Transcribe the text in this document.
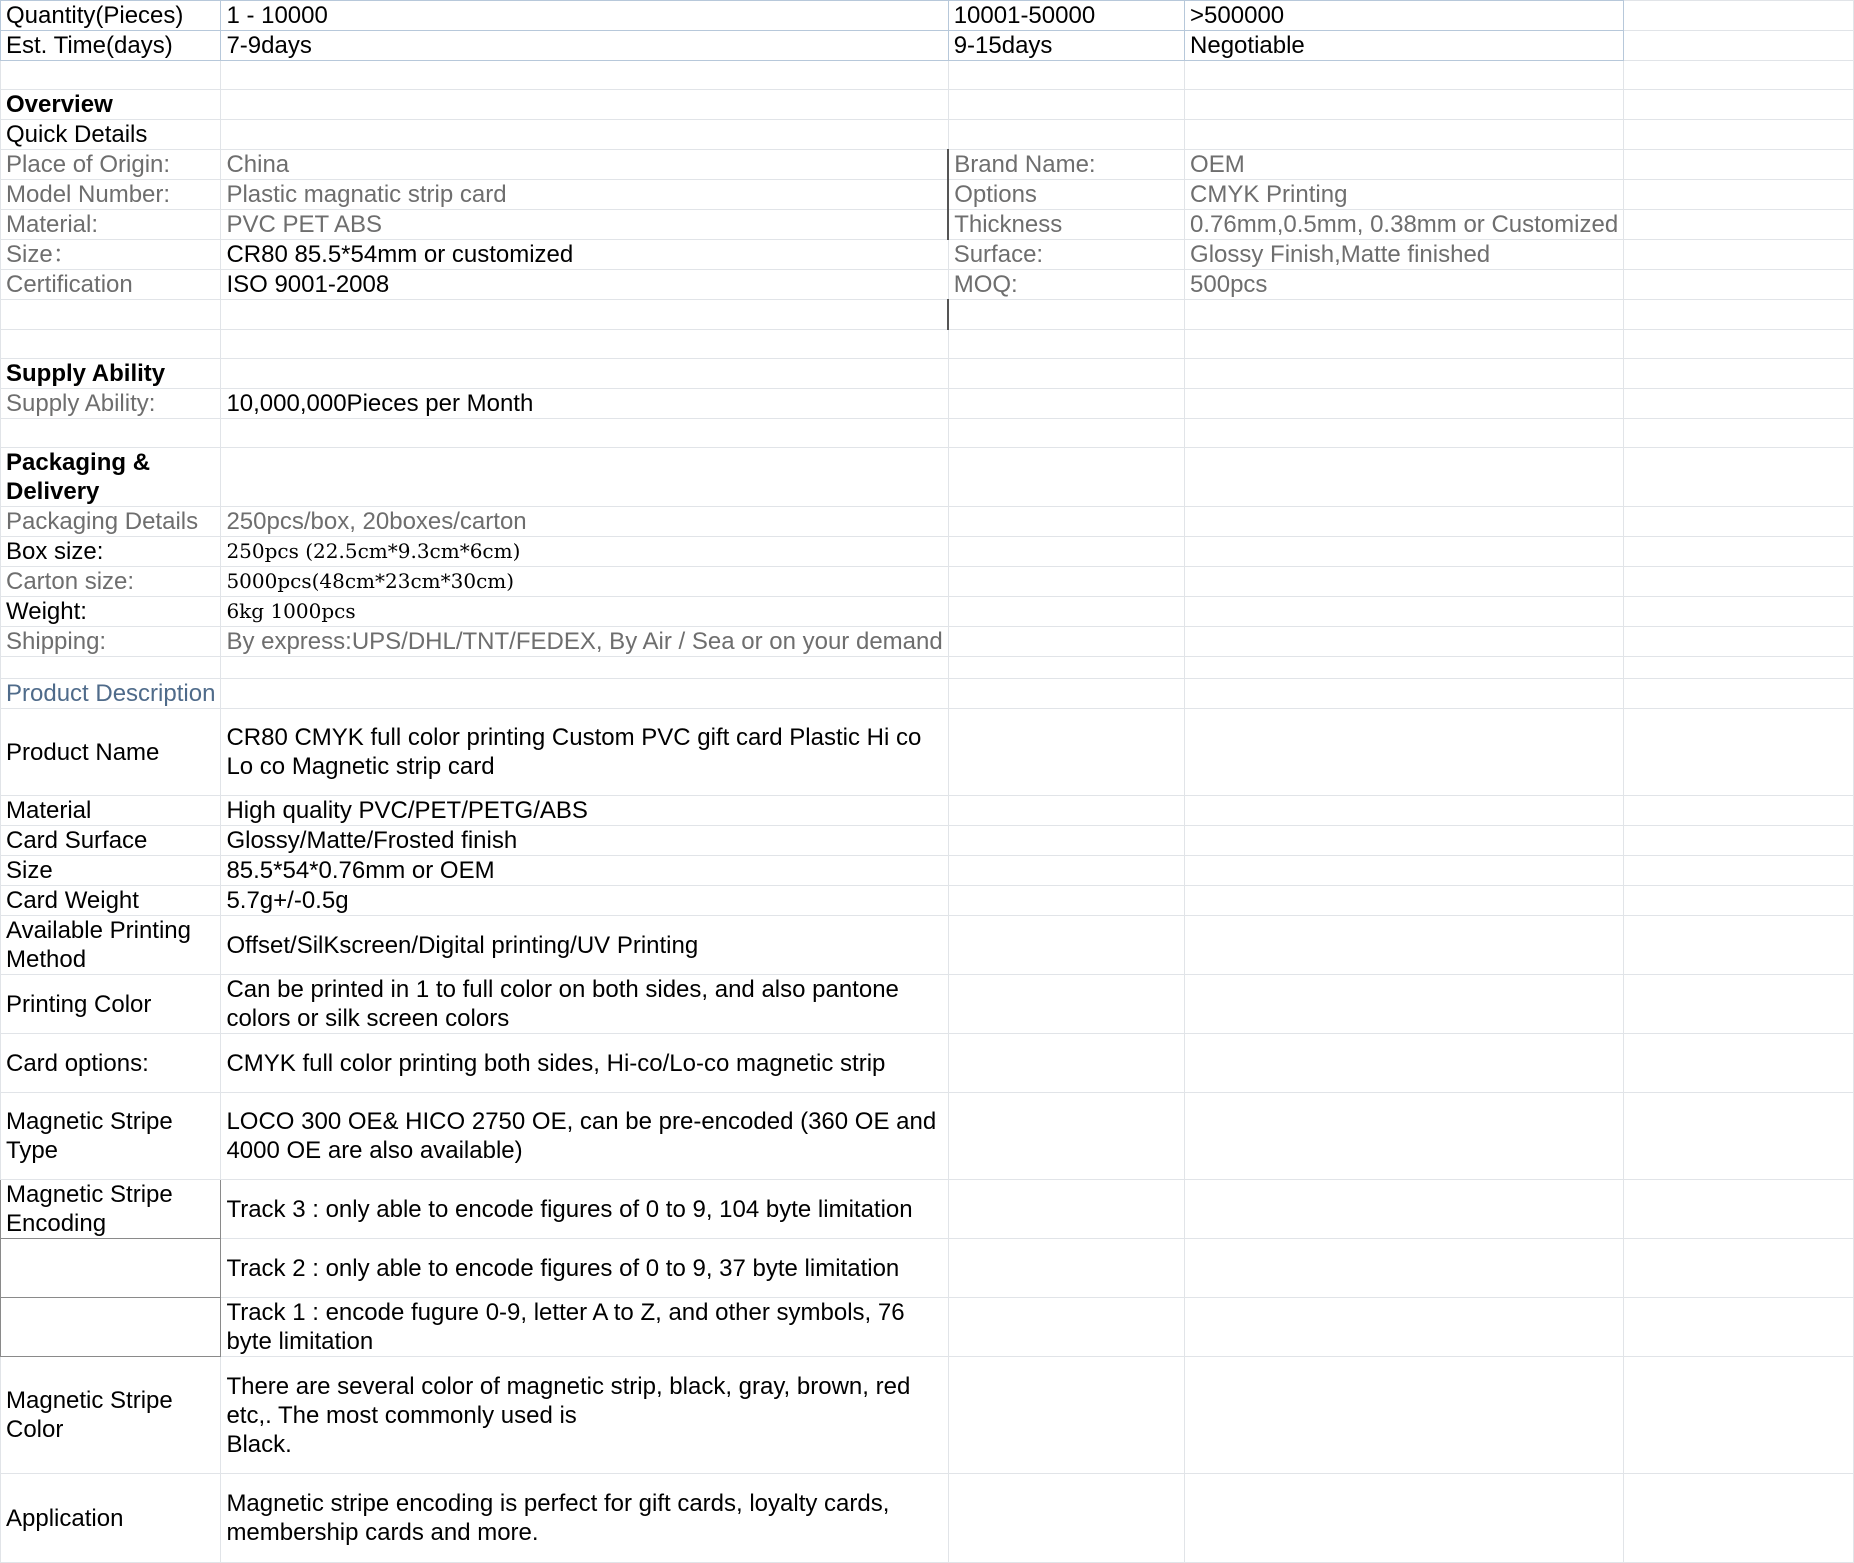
Quantity(Pieces)	1 - 10000	10001-50000	>500000	
Est. Time(days)	7-9days	9-15days	Negotiable	

Overview				
Quick Details				
Place of Origin:	China	Brand Name:	OEM	
Model Number:	Plastic magnatic strip card	Options	CMYK Printing	
Material:	PVC PET ABS	Thickness	0.76mm,0.5mm, 0.38mm or Customized	
Size：	CR80 85.5*54mm or customized	Surface:	Glossy Finish,Matte finished	
Certification	ISO 9001-2008	MOQ:	500pcs	

Supply Ability				
Supply Ability:	10,000,000Pieces per Month			

Packaging & Delivery				
Packaging Details	250pcs/box, 20boxes/carton			
Box size:	250pcs (22.5cm*9.3cm*6cm)			
Carton size:	5000pcs(48cm*23cm*30cm)			
Weight:	6kg 1000pcs			
Shipping:	By express:UPS/DHL/TNT/FEDEX, By Air / Sea or on your demand			

Product Description				
Product Name	CR80 CMYK full color printing Custom PVC gift card Plastic Hi co Lo co Magnetic strip card			
Material	High quality PVC/PET/PETG/ABS			
Card Surface	Glossy/Matte/Frosted finish			
Size	85.5*54*0.76mm or OEM			
Card Weight	5.7g+/-0.5g			
Available Printing Method	Offset/SilKscreen/Digital printing/UV Printing			
Printing Color	Can be printed in 1 to full color on both sides, and also pantone colors or silk screen colors			
Card options:	CMYK full color printing both sides, Hi-co/Lo-co magnetic strip			
Magnetic Stripe Type	LOCO 300 OE& HICO 2750 OE, can be pre-encoded (360 OE and 4000 OE are also available)			
Magnetic Stripe Encoding	Track 3 : only able to encode figures of 0 to 9, 104 byte limitation			
	Track 2 : only able to encode figures of 0 to 9, 37 byte limitation			
	Track 1 : encode fugure 0-9, letter A to Z, and other symbols, 76 byte limitation			
Magnetic Stripe Color	There are several color of magnetic strip, black, gray, brown, red etc,. The most commonly used is
Black.			
Application	Magnetic stripe encoding is perfect for gift cards, loyalty cards, membership cards and more.			
